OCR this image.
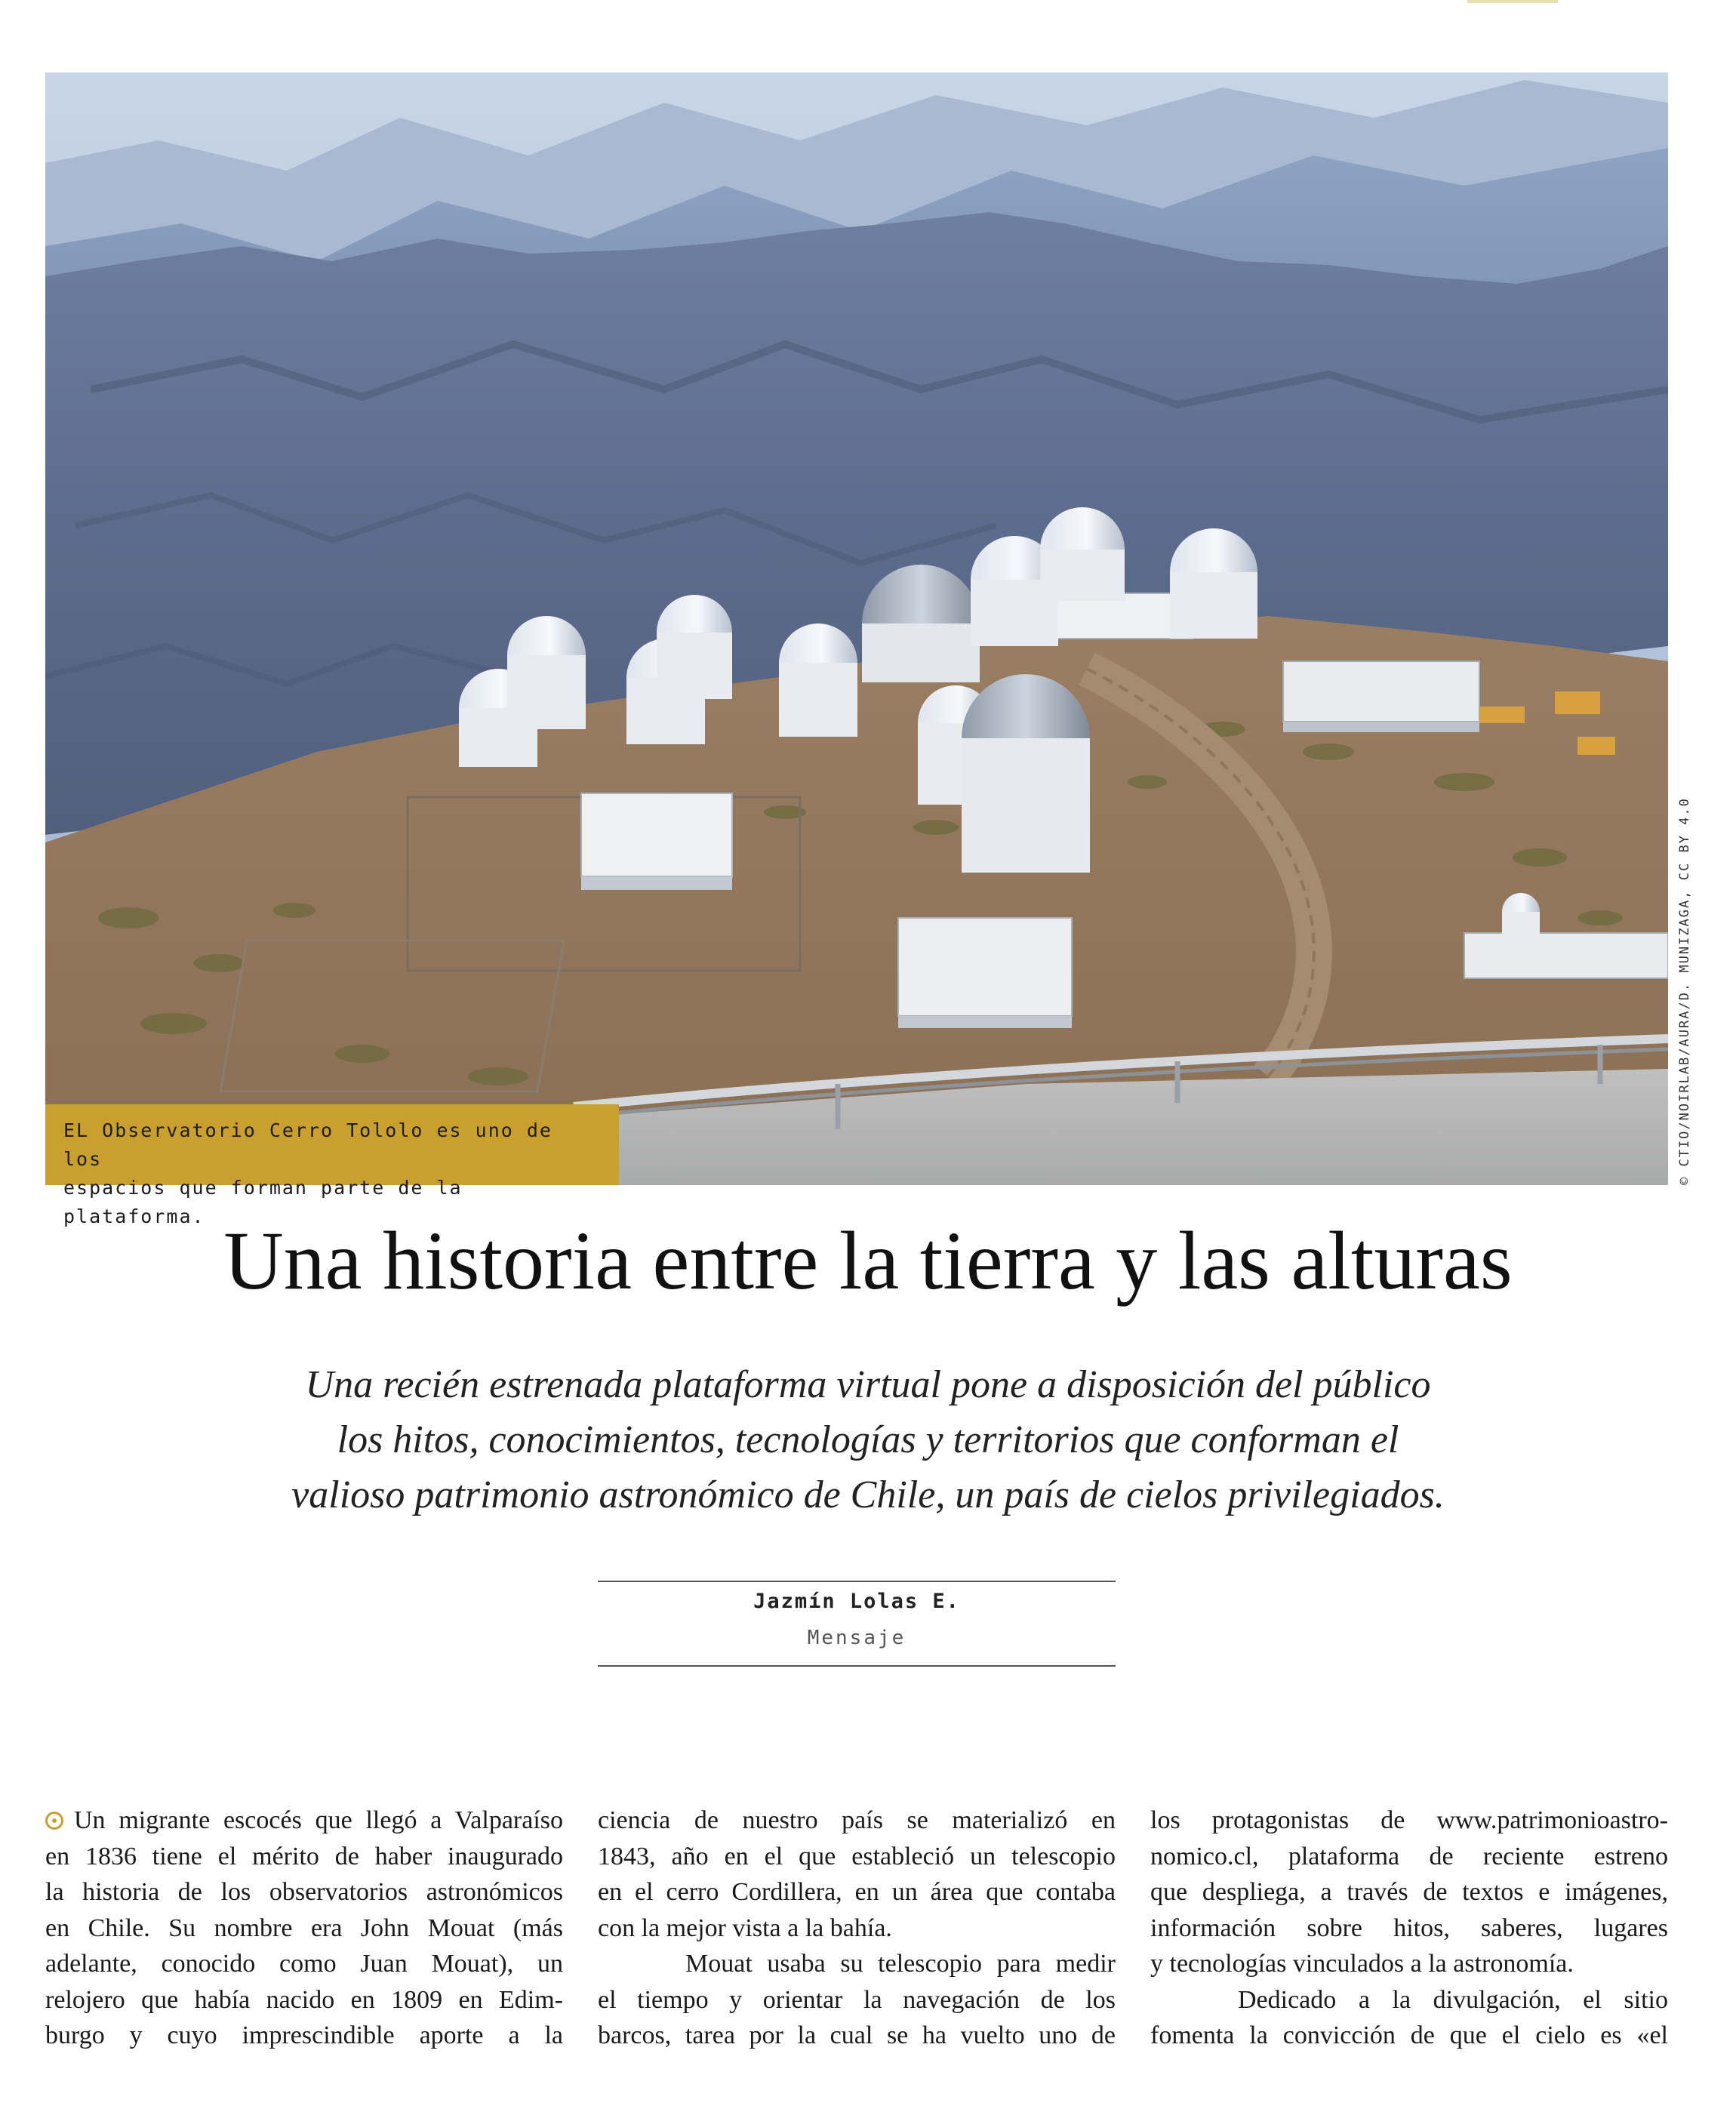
EL Observatorio Cerro Tololo es uno de los
espacios que forman parte de la plataforma.
© CTIO/NOIRLAB/AURA/D. MUNIZAGA, CC BY 4.0
Una historia entre la tierra y las alturas
Una recién estrenada plataforma virtual pone a disposición del público
los hitos, conocimientos, tecnologías y territorios que conforman el
valioso patrimonio astronómico de Chile, un país de cielos privilegiados.
Jazmín Lolas E.
Mensaje
Un migrante escocés que llegó a Valparaíso
en 1836 tiene el mérito de haber inaugurado
la historia de los observatorios astronómicos
en Chile. Su nombre era John Mouat (más
adelante, conocido como Juan Mouat), un
relojero que había nacido en 1809 en Edim-
burgo y cuyo imprescindible aporte a la
ciencia de nuestro país se materializó en
1843, año en el que estableció un telescopio
en el cerro Cordillera, en un área que contaba
con la mejor vista a la bahía.
Mouat usaba su telescopio para medir
el tiempo y orientar la navegación de los
barcos, tarea por la cual se ha vuelto uno de
los protagonistas de www.patrimonioastro-
nomico.cl, plataforma de reciente estreno
que despliega, a través de textos e imágenes,
información sobre hitos, saberes, lugares
y tecnologías vinculados a la astronomía.
Dedicado a la divulgación, el sitio
fomenta la convicción de que el cielo es «el
